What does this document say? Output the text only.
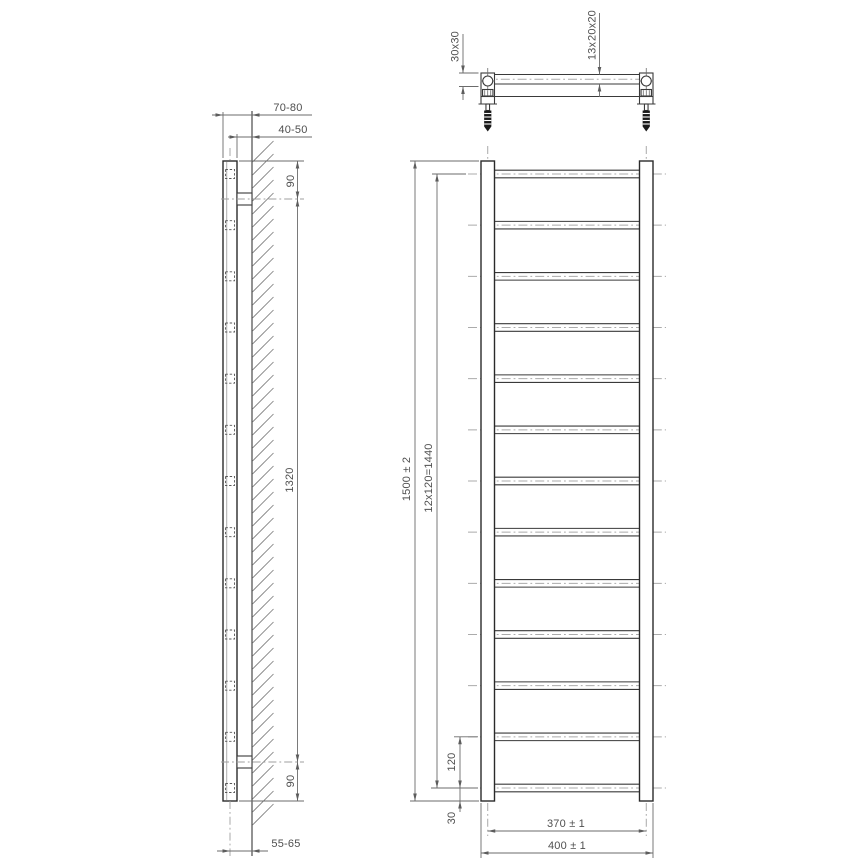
30x30
20x20
13x
70-80
40-50
90
1320
90
55-65
1500 ± 2 12x120=1440
120
30	370 ± 1
400 ± 1
